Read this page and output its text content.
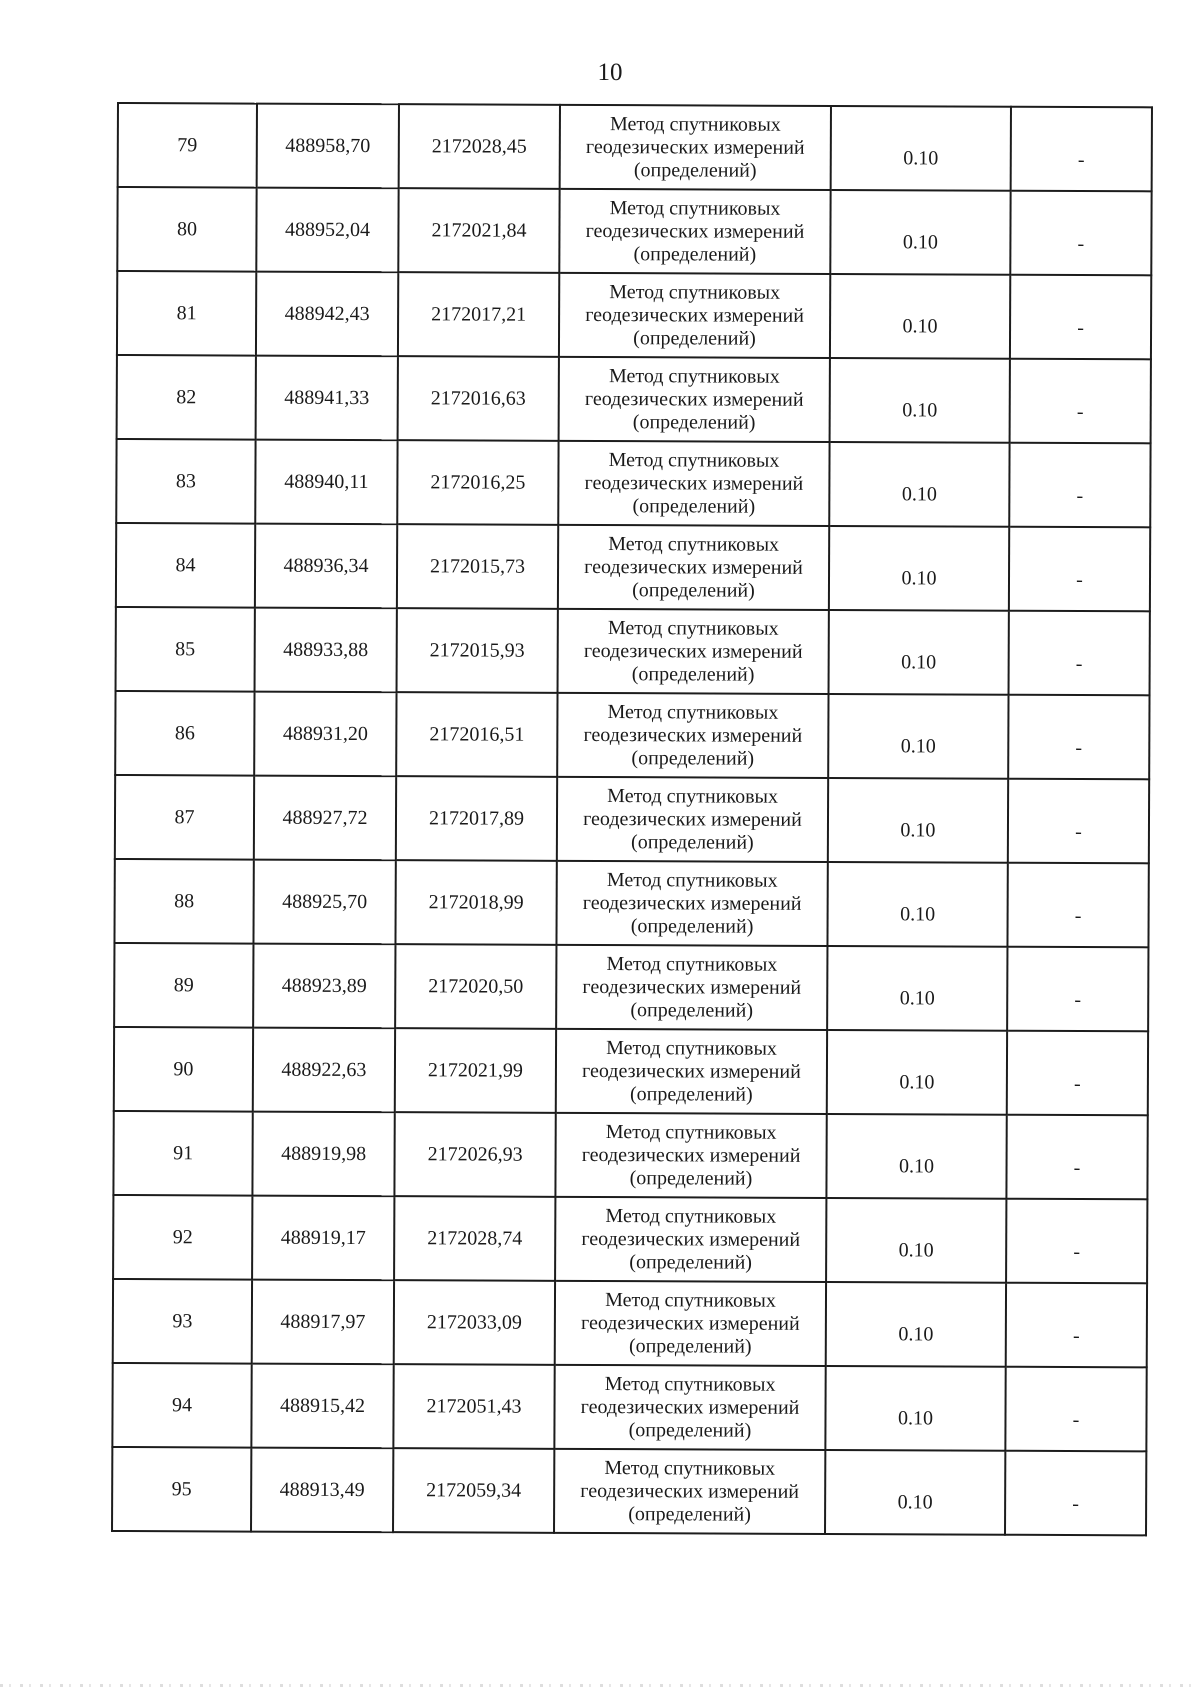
10
79	488958,70	2172028,45	Метод спутниковых
геодезических измерений
(определений)	0.10	-

80	488952,04	2172021,84	Метод спутниковых
геодезических измерений
(определений)	0.10	-

81	488942,43	2172017,21	Метод спутниковых
геодезических измерений
(определений)	0.10	-

82	488941,33	2172016,63	Метод спутниковых
геодезических измерений
(определений)	0.10	-

83	488940,11	2172016,25	Метод спутниковых
геодезических измерений
(определений)	0.10	-

84	488936,34	2172015,73	Метод спутниковых
геодезических измерений
(определений)	0.10	-

85	488933,88	2172015,93	Метод спутниковых
геодезических измерений
(определений)	0.10	-

86	488931,20	2172016,51	Метод спутниковых
геодезических измерений
(определений)	0.10	-

87	488927,72	2172017,89	Метод спутниковых
геодезических измерений
(определений)	0.10	-

88	488925,70	2172018,99	Метод спутниковых
геодезических измерений
(определений)	0.10	-

89	488923,89	2172020,50	Метод спутниковых
геодезических измерений
(определений)	0.10	-

90	488922,63	2172021,99	Метод спутниковых
геодезических измерений
(определений)	0.10	-

91	488919,98	2172026,93	Метод спутниковых
геодезических измерений
(определений)	0.10	-

92	488919,17	2172028,74	Метод спутниковых
геодезических измерений
(определений)	0.10	-

93	488917,97	2172033,09	Метод спутниковых
геодезических измерений
(определений)	0.10	-

94	488915,42	2172051,43	Метод спутниковых
геодезических измерений
(определений)	0.10	-

95	488913,49	2172059,34	Метод спутниковых
геодезических измерений
(определений)	0.10	-
